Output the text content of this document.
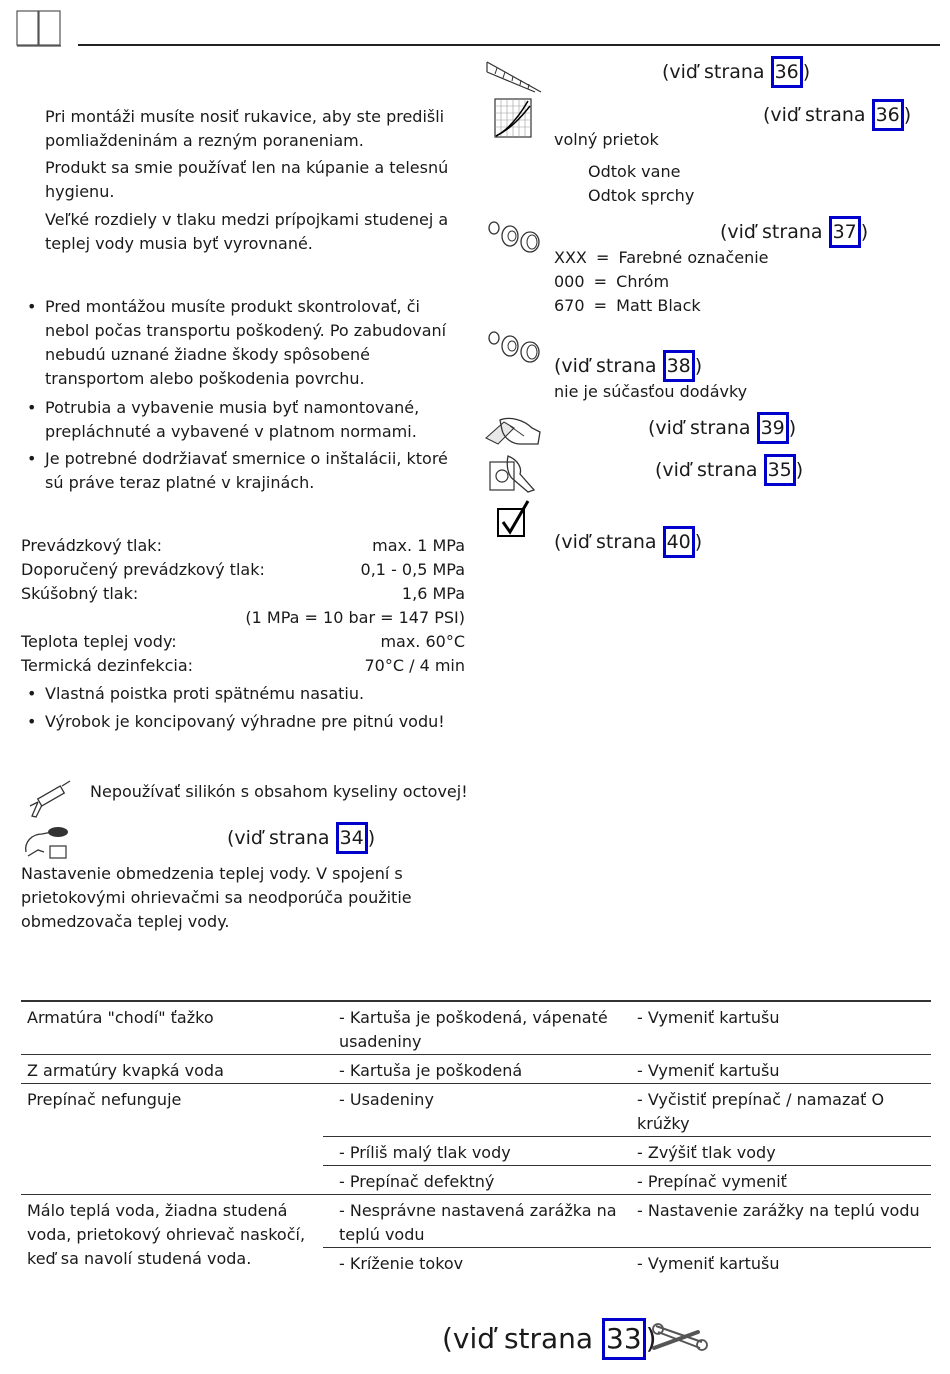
Pri montáži musíte nosiť rukavice, aby ste predišli pomliaždeninám a rezným poraneniam.
Produkt sa smie používať len na kúpanie a telesnú hygienu.
Veľké rozdiely v tlaku medzi prípojkami studenej a teplej vody musia byť vyrovnané.
• Pred montážou musíte produkt skontrolovať, či nebol počas transportu poškodený. Po zabudovaní nebudú uznané žiadne škody spôsobené transportom alebo poškodenia povrchu.
• Potrubia a vybavenie musia byť namontované, prepláchnuté a vybavené v platnom normami.
• Je potrebné dodržiavať smernice o inštalácii, ktoré sú práve teraz platné v krajinách.
Prevádzkový tlak:	max. 1 MPa
Doporučený prevádzkový tlak:	0,1 - 0,5 MPa
Skúšobný tlak:	1,6 MPa
(1 MPa = 10 bar = 147 PSI)
Teplota teplej vody:	max. 60°C
Termická dezinfekcia:	70°C / 4 min
• Vlastná poistka proti spätnému nasatiu.
• Výrobok je koncipovaný výhradne pre pitnú vodu!
Nepoužívať silikón s obsahom kyseliny octovej!
(viď strana 34 )
Nastavenie obmedzenia teplej vody. V spojení s prietokovými ohrievačmi sa neodporúča použitie obmedzovača teplej vody.
(viď strana 36 )
(viď strana 36 )
volný prietok
Odtok vane
Odtok sprchy
(viď strana 37 )
XXX = Farebné označenie
000 = Chróm
670 = Matt Black
(viď strana 38 )
nie je súčasťou dodávky
(viď strana 39 )
(viď strana 35 )
(viď strana 40 )
Armatúra "chodí" ťažko	- Kartuša je poškodená, vápenaté usadeniny	- Vymeniť kartušu
Z armatúry kvapká voda	- Kartuša je poškodená	- Vymeniť kartušu
Prepínač nefunguje	- Usadeniny	- Vyčistiť prepínač / namazať O krúžky
	- Príliš malý tlak vody	- Zvýšiť tlak vody
	- Prepínač defektný	- Prepínač vymeniť
Málo teplá voda, žiadna studená voda, prietokový ohrievač naskočí, keď sa navolí studená voda.	- Nesprávne nastavená zarážka na teplú vodu	- Nastavenie zarážky na teplú vodu
	- Kríženie tokov	- Vymeniť kartušu
(viď strana 33 )
